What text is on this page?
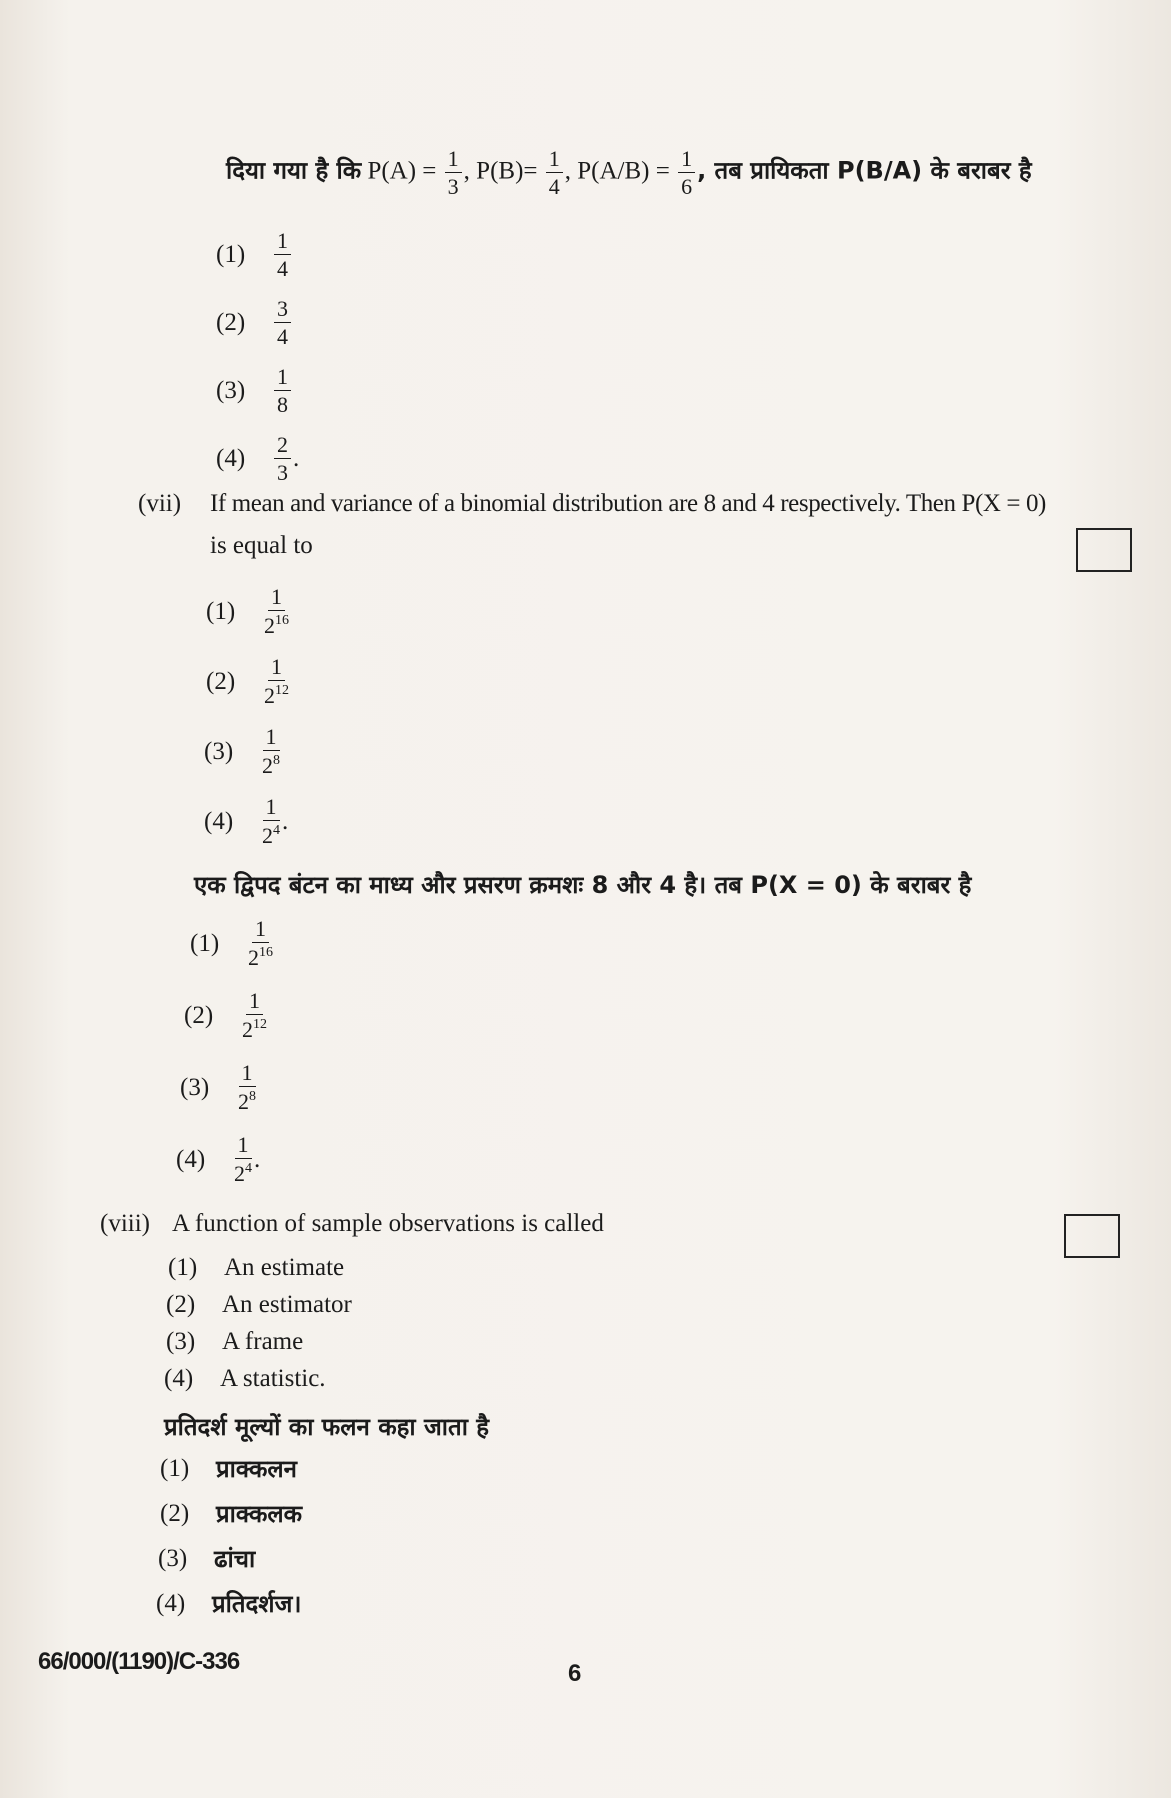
दिया गया है कि $P(A) = \frac{1}{3}$ , $P(B)= \frac{1}{4}$ , $P(A/B) = \frac{1}{6}$ , तब प्रायिकता P(B/A) के बराबर है
(1)	$\frac{1}{4}$
(2)	$\frac{3}{4}$
(3)	$\frac{1}{8}$
(4)	$\frac{2}{3}$ .
(vii) If mean and variance of a binomial distribution are 8 and 4 respectively. Then P(X = 0)
is equal to
(1)	$\frac{1}{2^{16}}$
(2)	$\frac{1}{2^{12}}$
(3)	$\frac{1}{2^8}$
(4)	$\frac{1}{2^4}$ .
एक द्विपद बंटन का माध्य और प्रसरण क्रमशः 8 और 4 है। तब P(X = 0) के बराबर है
(1)	$\frac{1}{2^{16}}$
(2)	$\frac{1}{2^{12}}$
(3)	$\frac{1}{2^8}$
(4)	$\frac{1}{2^4}$ .
(viii) A function of sample observations is called
(1)	An estimate
(2)	An estimator
(3)	A frame
(4)	A statistic.
प्रतिदर्श मूल्यों का फलन कहा जाता है
(1)	प्राक्कलन
(2)	प्राक्कलक
(3)	ढांचा
(4)	प्रतिदर्शज।
66/000/(1190)/C-336	6
